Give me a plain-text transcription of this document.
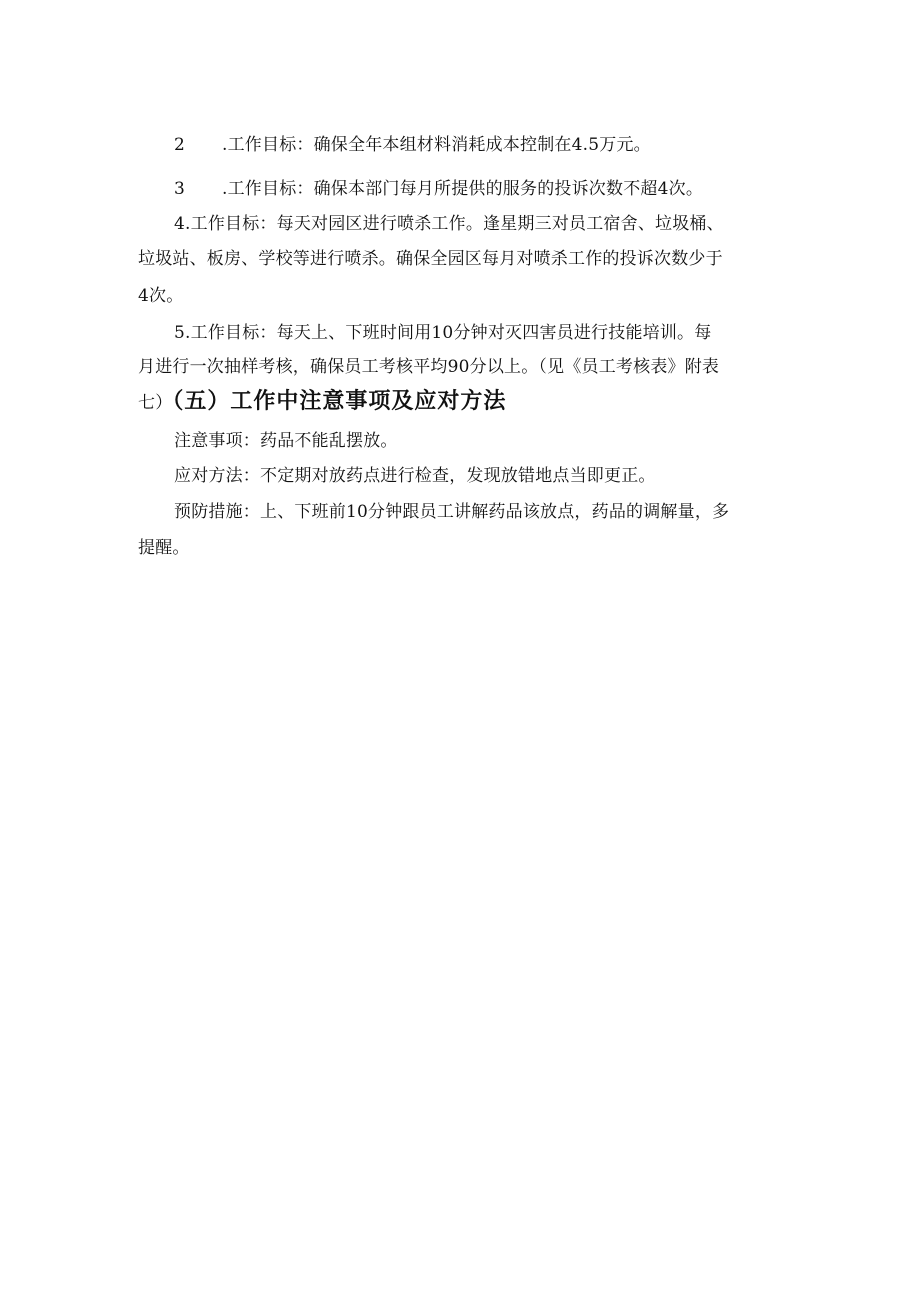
2 .工作目标：确保全年本组材料消耗成本控制在4.5万元。
3 .工作目标：确保本部门每月所提供的服务的投诉次数不超4次。
4.工作目标：每天对园区进行喷杀工作。逢星期三对员工宿舍、垃圾桶、
垃圾站、板房、学校等进行喷杀。确保全园区每月对喷杀工作的投诉次数少于
4次。
5.工作目标：每天上、下班时间用10分钟对灭四害员进行技能培训。每
月进行一次抽样考核，确保员工考核平均90分以上。（见《员工考核表》附表
七）（五）工作中注意事项及应对方法
注意事项：药品不能乱摆放。
应对方法：不定期对放药点进行检查，发现放错地点当即更正。
预防措施：上、下班前10分钟跟员工讲解药品该放点，药品的调解量，多
提醒。
